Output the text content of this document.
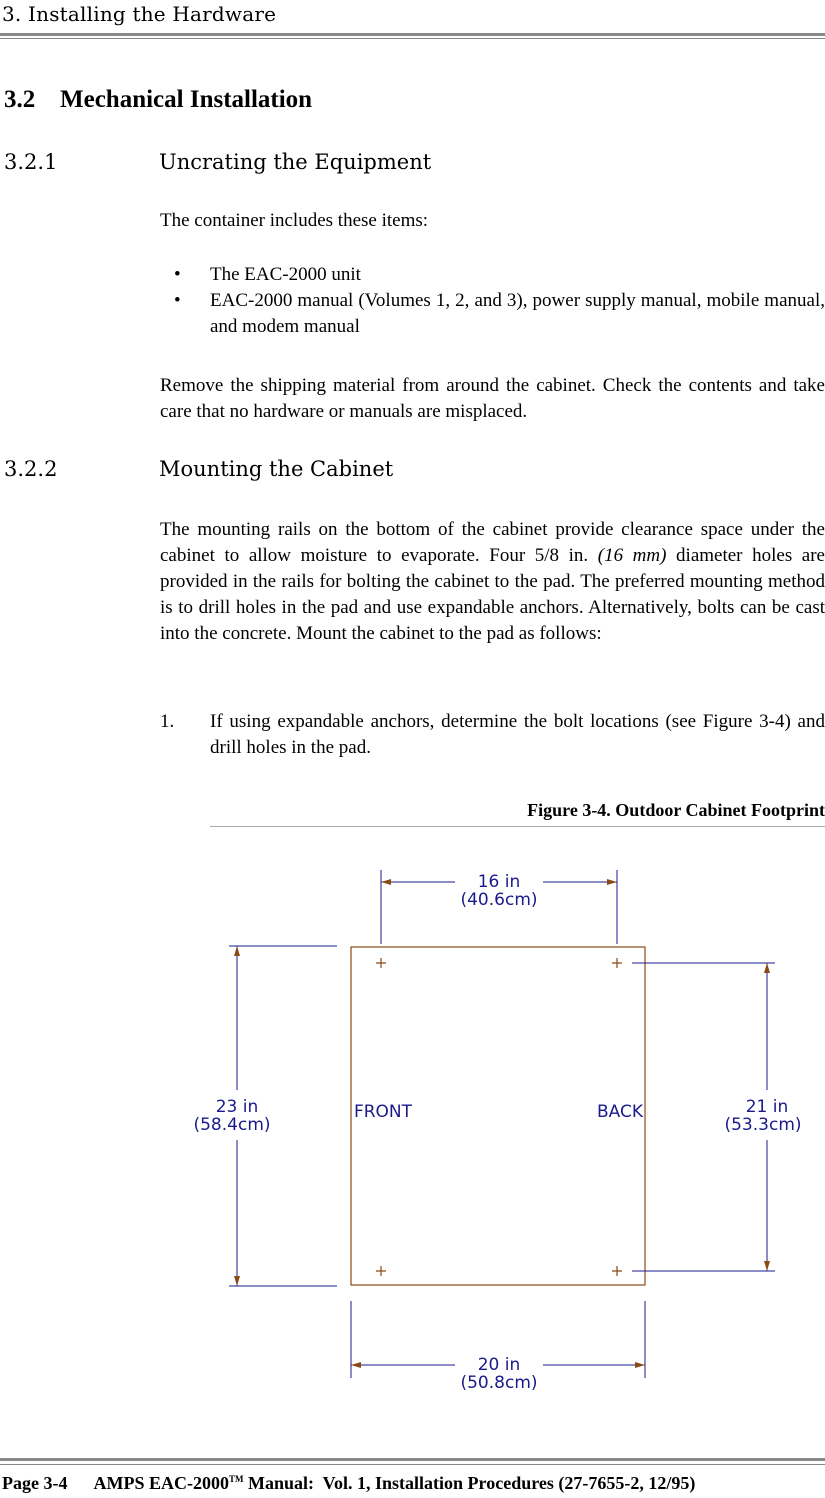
3. Installing the Hardware
3.2 Mechanical Installation
3.2.1	Uncrating the Equipment
The container includes these items:
• The EAC-2000 unit
• EAC-2000 manual (Volumes 1, 2, and 3), power supply manual, mobile manual, and modem manual
Remove the shipping material from around the cabinet. Check the contents and take care that no hardware or manuals are misplaced.
3.2.2	Mounting the Cabinet
The mounting rails on the bottom of the cabinet provide clearance space under the cabinet to allow moisture to evaporate. Four 5/8 in. (16 mm) diameter holes are provided in the rails for bolting the cabinet to the pad. The preferred mounting method is to drill holes in the pad and use expandable anchors. Alternatively, bolts can be cast into the concrete. Mount the cabinet to the pad as follows:
1. If using expandable anchors, determine the bolt locations (see Figure 3-4) and drill holes in the pad.
Figure 3-4. Outdoor Cabinet Footprint
16 in
(40.6cm)
23 in
(58.4cm)
21 in
(53.3cm)
20 in
(50.8cm)
FRONT	BACK
Page 3-4 AMPS EAC-2000™ Manual:  Vol. 1, Installation Procedures (27-7655-2, 12/95)
